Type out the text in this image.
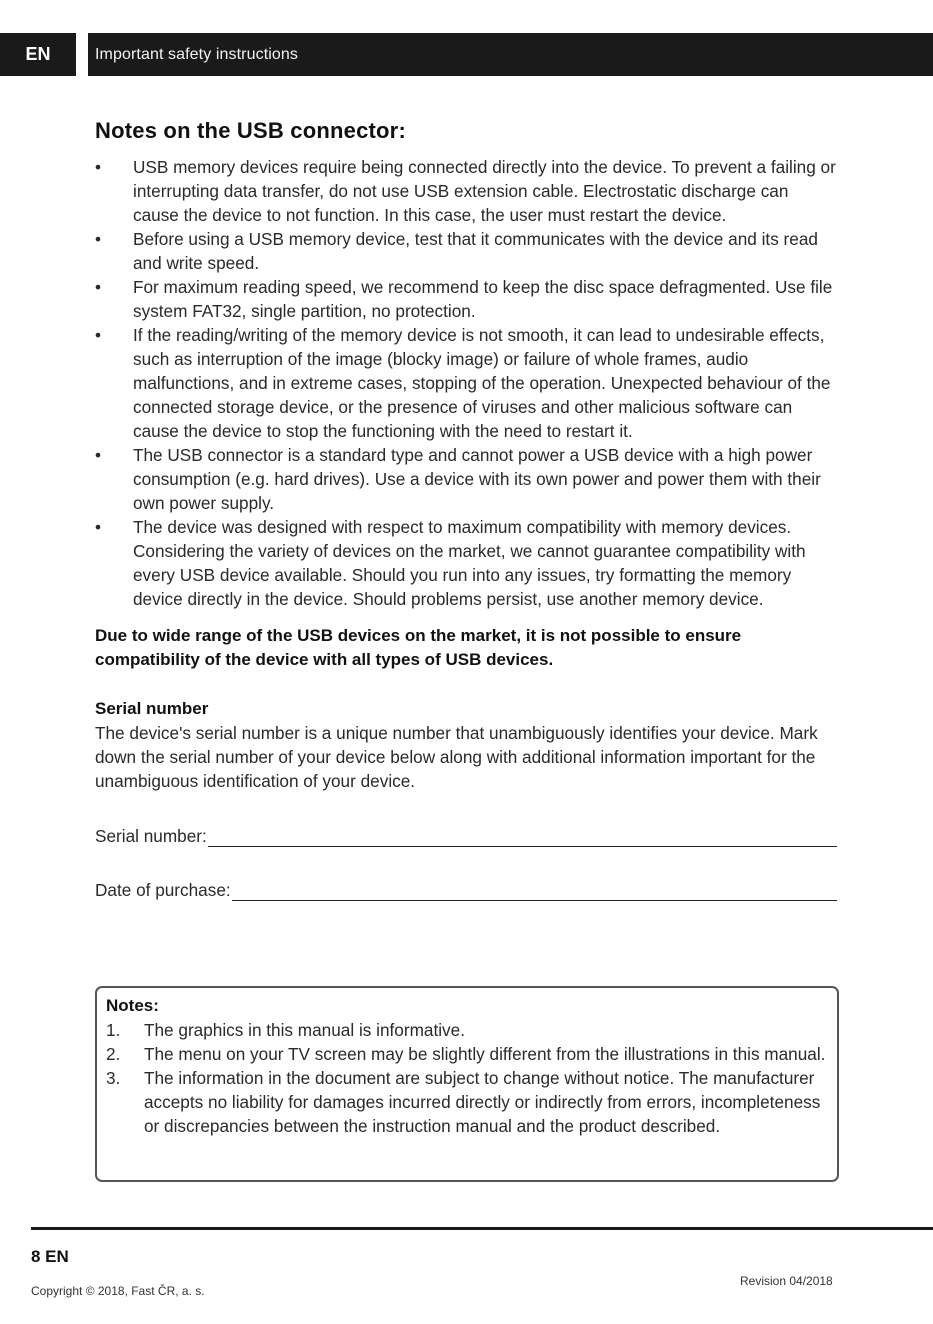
EN	Important safety instructions
Notes on the USB connector:
•	USB memory devices require being connected directly into the device. To prevent a failing or interrupting data transfer, do not use USB extension cable. Electrostatic discharge can cause the device to not function. In this case, the user must restart the device.
•	Before using a USB memory device, test that it communicates with the device and its read and write speed.
•	For maximum reading speed, we recommend to keep the disc space defragmented. Use file system FAT32, single partition, no protection.
•	If the reading/writing of the memory device is not smooth, it can lead to undesirable effects, such as interruption of the image (blocky image) or failure of whole frames, audio malfunctions, and in extreme cases, stopping of the operation. Unexpected behaviour of the connected storage device, or the presence of viruses and other malicious software can cause the device to stop the functioning with the need to restart it.
•	The USB connector is a standard type and cannot power a USB device with a high power consumption (e.g. hard drives). Use a device with its own power and power them with their own power supply.
•	The device was designed with respect to maximum compatibility with memory devices. Considering the variety of devices on the market, we cannot guarantee compatibility with every USB device available. Should you run into any issues, try formatting the memory device directly in the device. Should problems persist, use another memory device.
Due to wide range of the USB devices on the market, it is not possible to ensure compatibility of the device with all types of USB devices.
Serial number
The device's serial number is a unique number that unambiguously identifies your device. Mark down the serial number of your device below along with additional information important for the unambiguous identification of your device.
Serial number:
Date of purchase:
Notes:
1. The graphics in this manual is informative.
2. The menu on your TV screen may be slightly different from the illustrations in this manual.
3. The information in the document are subject to change without notice. The manufacturer accepts no liability for damages incurred directly or indirectly from errors, incompleteness or discrepancies between the instruction manual and the product described.
8 EN
Copyright © 2018, Fast ČR, a. s.
Revision 04/2018
